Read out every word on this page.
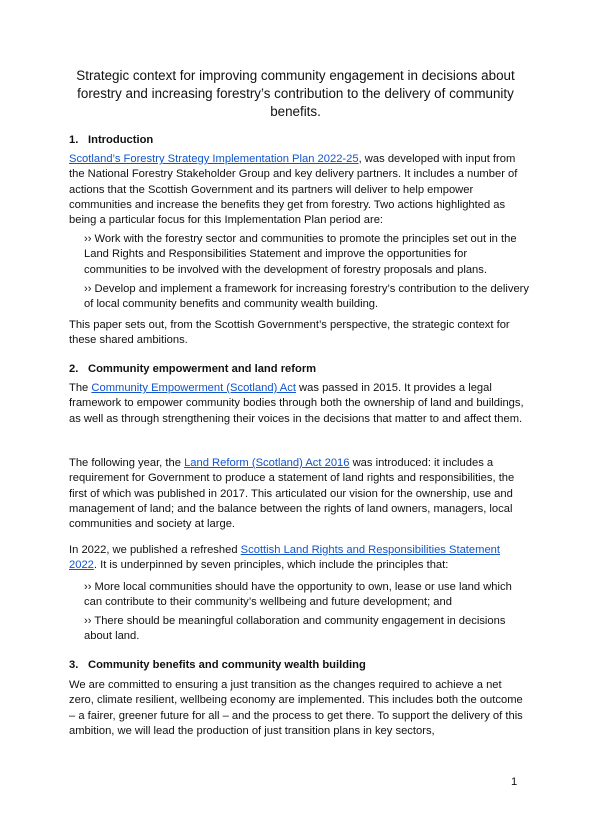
Strategic context for improving community engagement in decisions about forestry and increasing forestry’s contribution to the delivery of community benefits.
1. Introduction
Scotland’s Forestry Strategy Implementation Plan 2022-25, was developed with input from the National Forestry Stakeholder Group and key delivery partners. It includes a number of actions that the Scottish Government and its partners will deliver to help empower communities and increase the benefits they get from forestry. Two actions highlighted as being a particular focus for this Implementation Plan period are:
›› Work with the forestry sector and communities to promote the principles set out in the Land Rights and Responsibilities Statement and improve the opportunities for communities to be involved with the development of forestry proposals and plans.
›› Develop and implement a framework for increasing forestry’s contribution to the delivery of local community benefits and community wealth building.
This paper sets out, from the Scottish Government’s perspective, the strategic context for these shared ambitions.
2. Community empowerment and land reform
The Community Empowerment (Scotland) Act was passed in 2015. It provides a legal framework to empower community bodies through both the ownership of land and buildings, as well as through strengthening their voices in the decisions that matter to and affect them.
The following year, the Land Reform (Scotland) Act 2016 was introduced: it includes a requirement for Government to produce a statement of land rights and responsibilities, the first of which was published in 2017. This articulated our vision for the ownership, use and management of land; and the balance between the rights of land owners, managers, local communities and society at large.
In 2022, we published a refreshed Scottish Land Rights and Responsibilities Statement 2022. It is underpinned by seven principles, which include the principles that:
›› More local communities should have the opportunity to own, lease or use land which can contribute to their community’s wellbeing and future development; and
›› There should be meaningful collaboration and community engagement in decisions about land.
3. Community benefits and community wealth building
We are committed to ensuring a just transition as the changes required to achieve a net zero, climate resilient, wellbeing economy are implemented. This includes both the outcome – a fairer, greener future for all – and the process to get there. To support the delivery of this ambition, we will lead the production of just transition plans in key sectors,
1
